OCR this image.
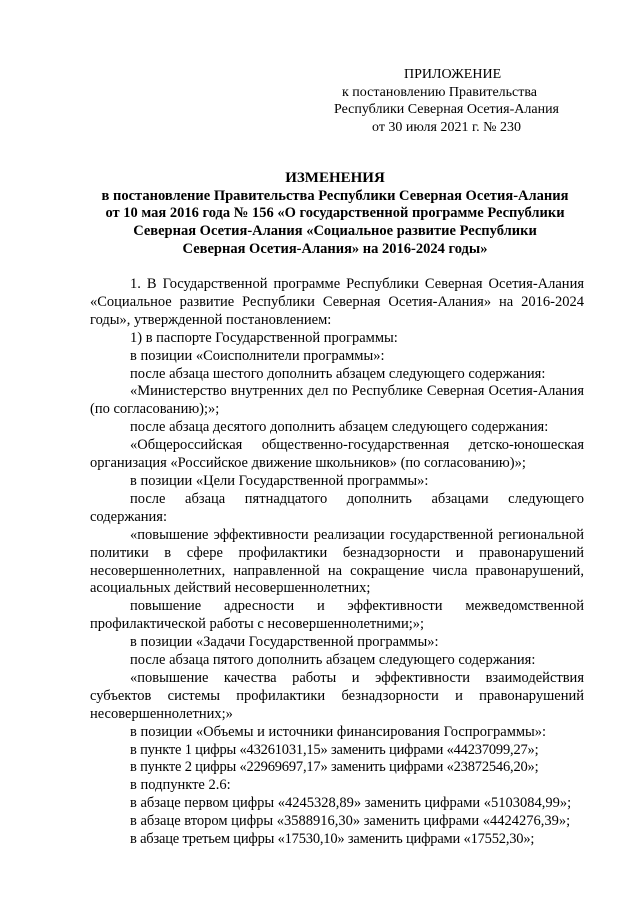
ПРИЛОЖЕНИЕ
к постановлению Правительства
Республики Северная Осетия-Алания
от 30 июля 2021 г. № 230
ИЗМЕНЕНИЯ
в постановление Правительства Республики Северная Осетия-Алания
от 10 мая 2016 года № 156 «О государственной программе Республики
Северная Осетия-Алания «Социальное развитие Республики
Северная Осетия-Алания» на 2016-2024 годы»

1. В Государственной программе Республики Северная Осетия-Алания «Социальное развитие Республики Северная Осетия-Алания» на 2016-2024 годы», утвержденной постановлением:

1) в паспорте Государственной программы:

в позиции «Соисполнители программы»:

после абзаца шестого дополнить абзацем следующего содержания:

«Министерство внутренних дел по Республике Северная Осетия-Алания (по согласованию);»;

после абзаца десятого дополнить абзацем следующего содержания:

«Общероссийская общественно-государственная детско-юношеская организация «Российское движение школьников» (по согласованию)»;

в позиции «Цели Государственной программы»:

после абзаца пятнадцатого дополнить абзацами следующего содержания:

«повышение эффективности реализации государственной региональной политики в сфере профилактики безнадзорности и правонарушений несовершеннолетних, направленной на сокращение числа правонарушений, асоциальных действий несовершеннолетних;

повышение адресности и эффективности межведомственной профилактической работы с несовершеннолетними;»;

в позиции «Задачи Государственной программы»:

после абзаца пятого дополнить абзацем следующего содержания:

«повышение качества работы и эффективности взаимодействия субъектов системы профилактики безнадзорности и правонарушений несовершеннолетних;»

в позиции «Объемы и источники финансирования Госпрограммы»:

в пункте 1 цифры «43261031,15» заменить цифрами «44237099,27»;

в пункте 2 цифры «22969697,17» заменить цифрами «23872546,20»;

в подпункте 2.6:

в абзаце первом цифры «4245328,89» заменить цифрами «5103084,99»;

в абзаце втором цифры «3588916,30» заменить цифрами «4424276,39»;

в абзаце третьем цифры «17530,10» заменить цифрами «17552,30»;
